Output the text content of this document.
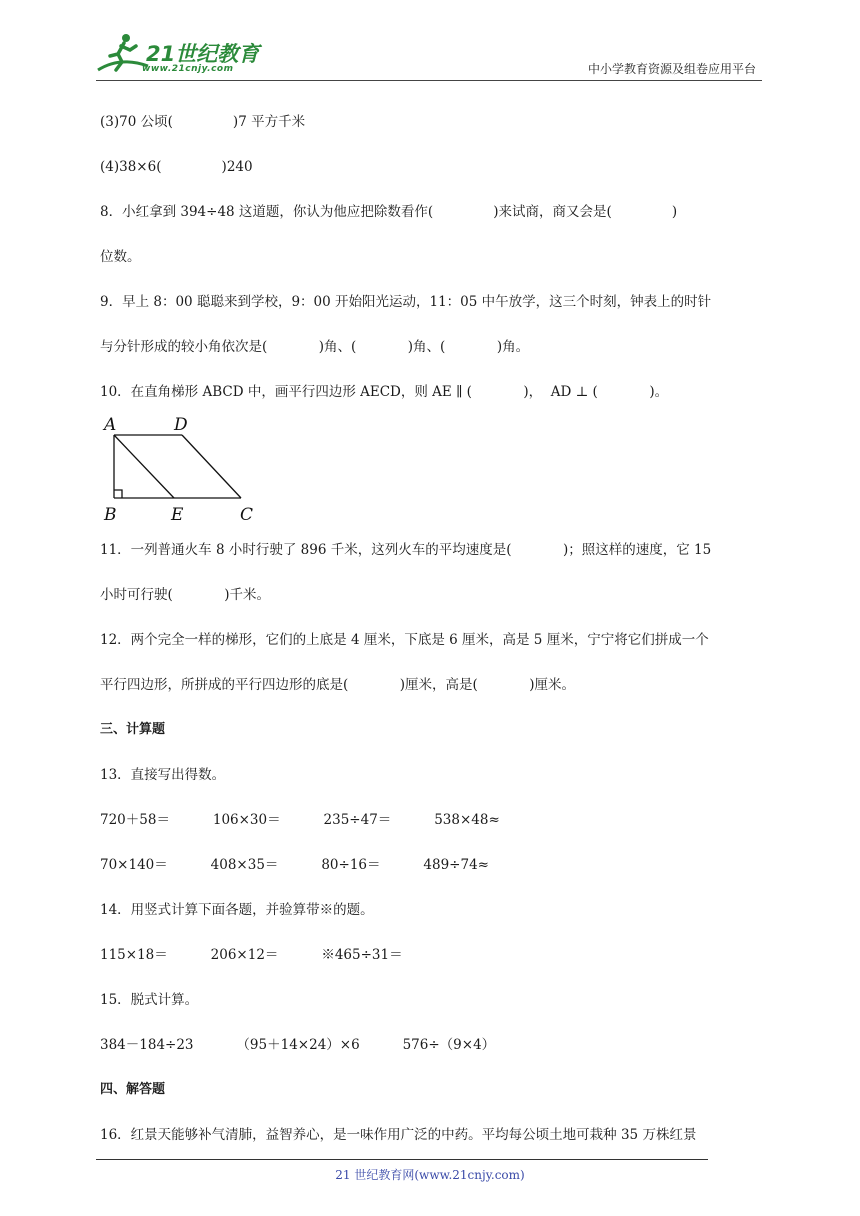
21世纪教育
www.21cnjy.com	中小学教育资源及组卷应用平台
(3)70 公顷(              )7 平方千米
(4)38×6(              )240
8．小红拿到 394÷48 这道题，你认为他应把除数看作(              )来试商，商又会是(              )
位数。
9．早上 8：00 聪聪来到学校，9：00 开始阳光运动，11：05 中午放学，这三个时刻，钟表上的时针
与分针形成的较小角依次是(            )角、(            )角、(            )角。
10．在直角梯形 ABCD 中，画平行四边形 AECD，则 AE ∥ (            )，  AD ⊥ (            )。
A	D
B	E	C
11．一列普通火车 8 小时行驶了 896 千米，这列火车的平均速度是(            )；照这样的速度，它 15
小时可行驶(            )千米。
12．两个完全一样的梯形，它们的上底是 4 厘米，下底是 6 厘米，高是 5 厘米，宁宁将它们拼成一个
平行四边形，所拼成的平行四边形的底是(            )厘米，高是(            )厘米。
三、计算题
13．直接写出得数。
720＋58＝          106×30＝          235÷47＝          538×48≈
70×140＝          408×35＝          80÷16＝          489÷74≈
14．用竖式计算下面各题，并验算带※的题。
115×18＝          206×12＝          ※465÷31＝
15．脱式计算。
384－184÷23          （95＋14×24）×6          576÷（9×4）
四、解答题
16．红景天能够补气清肺，益智养心，是一味作用广泛的中药。平均每公顷土地可栽种 35 万株红景
21 世纪教育网(www.21cnjy.com)
